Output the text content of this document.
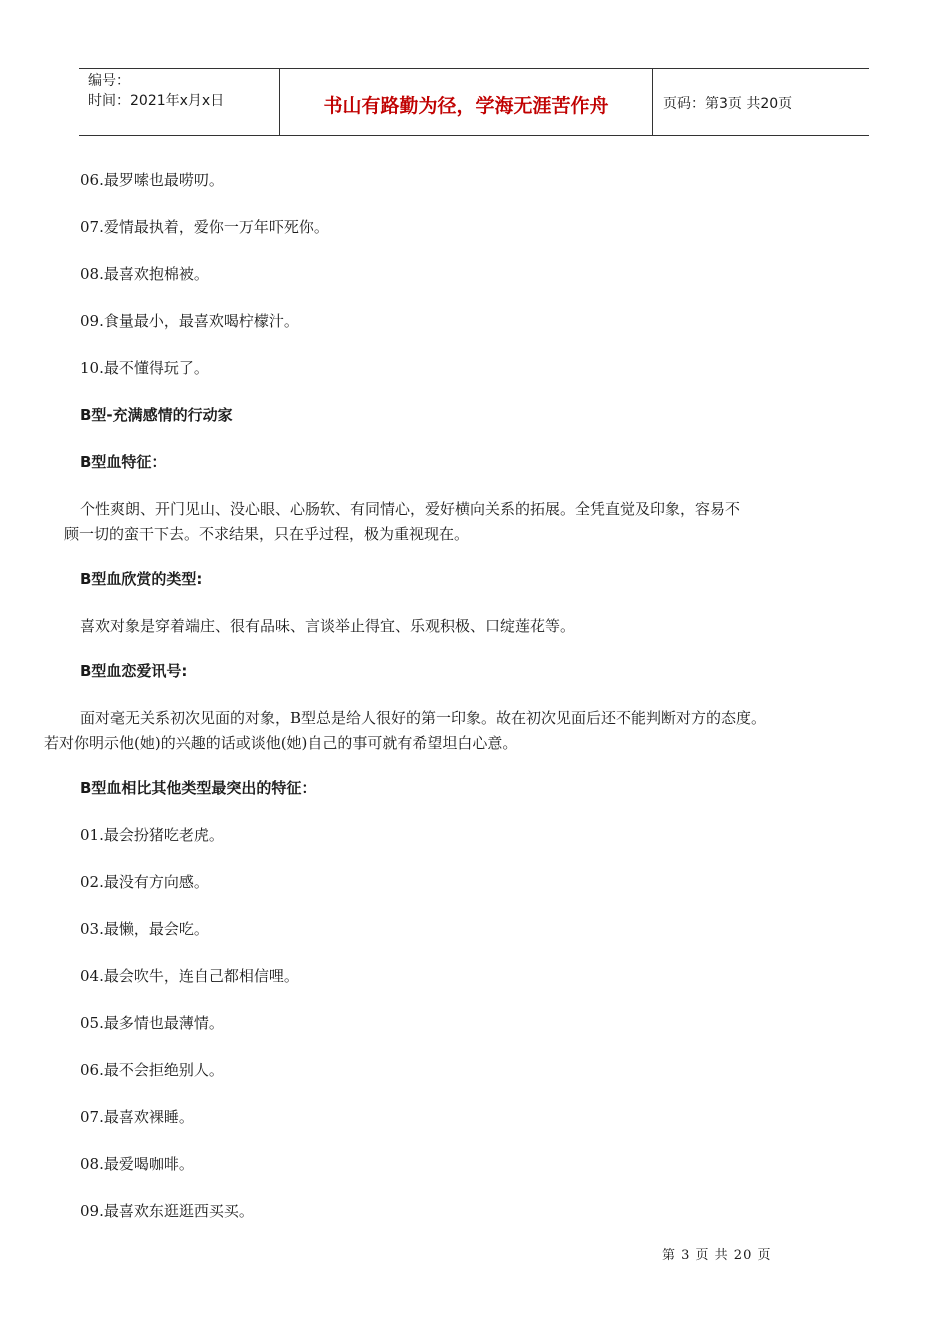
编号：
时间：2021年x月x日	书山有路勤为径，学海无涯苦作舟	页码：第3页 共20页
06.最罗嗦也最唠叨。
07.爱情最执着，爱你一万年吓死你。
08.最喜欢抱棉被。
09.食量最小，最喜欢喝柠檬汁。
10.最不懂得玩了。
B型-充满感情的行动家
B型血特征：
个性爽朗、开门见山、没心眼、心肠软、有同情心，爱好横向关系的拓展。全凭直觉及印象，容易不
顾一切的蛮干下去。不求结果，只在乎过程，极为重视现在。
B型血欣赏的类型:
喜欢对象是穿着端庄、很有品味、言谈举止得宜、乐观积极、口绽莲花等。
B型血恋爱讯号:
面对毫无关系初次见面的对象，B型总是给人很好的第一印象。故在初次见面后还不能判断对方的态度。
若对你明示他(她)的兴趣的话或谈他(她)自己的事可就有希望坦白心意。
B型血相比其他类型最突出的特征：
01.最会扮猪吃老虎。
02.最没有方向感。
03.最懒，最会吃。
04.最会吹牛，连自己都相信哩。
05.最多情也最薄情。
06.最不会拒绝别人。
07.最喜欢裸睡。
08.最爱喝咖啡。
09.最喜欢东逛逛西买买。
第 3 页 共 20 页
